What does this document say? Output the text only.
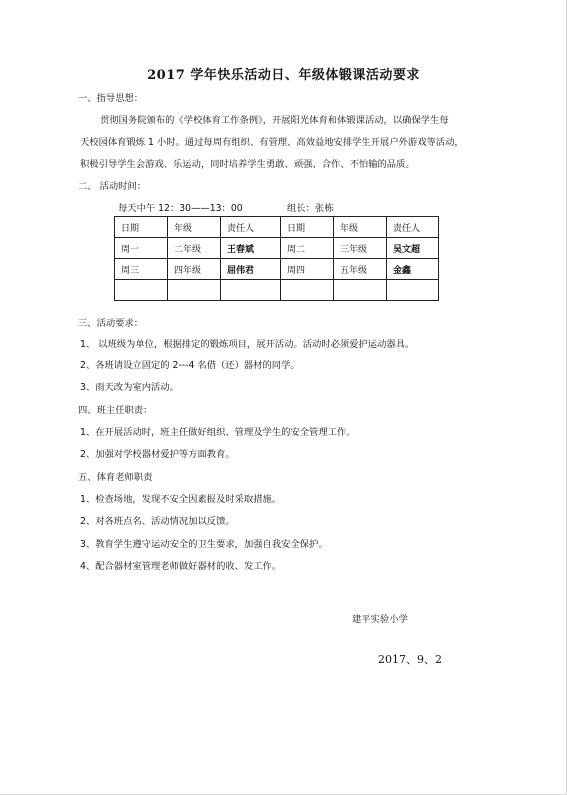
2017 学年快乐活动日、年级体锻课活动要求
一、指导思想：
贯彻国务院颁布的《学校体育工作条例》，开展阳光体育和体锻课活动，以确保学生每
天校园体育锻炼 1 小时。通过每周有组织、有管理、高效益地安排学生开展户外游戏等活动，
积极引导学生会游戏、乐运动，同时培养学生勇敢、顽强、合作、不怕输的品质。
二、 活动时间：
每天中午 12：30——13：00	组长：张栋
日期	年级	责任人	日期	年级	责任人
周一	二年级	王春斌	周二	三年级	吴文超
周三	四年级	屈伟君	周四	五年级	金鑫

三、活动要求：
1、 以班级为单位，根据排定的锻炼项目，展开活动。活动时必须爱护运动器具。
2、各班请设立固定的 2---4 名借（还）器材的同学。
3、雨天改为室内活动。
四、班主任职责：
1、在开展活动时，班主任做好组织、管理及学生的安全管理工作。
2、加强对学校器材爱护等方面教育。
五、体育老师职责
1、检查场地，发现不安全因素报及时采取措施。
2、对各班点名、活动情况加以反馈。
3、教育学生遵守运动安全的卫生要求，加强自我安全保护。
4、配合器材室管理老师做好器材的收、发工作。
建平实验小学
2017、9、2
